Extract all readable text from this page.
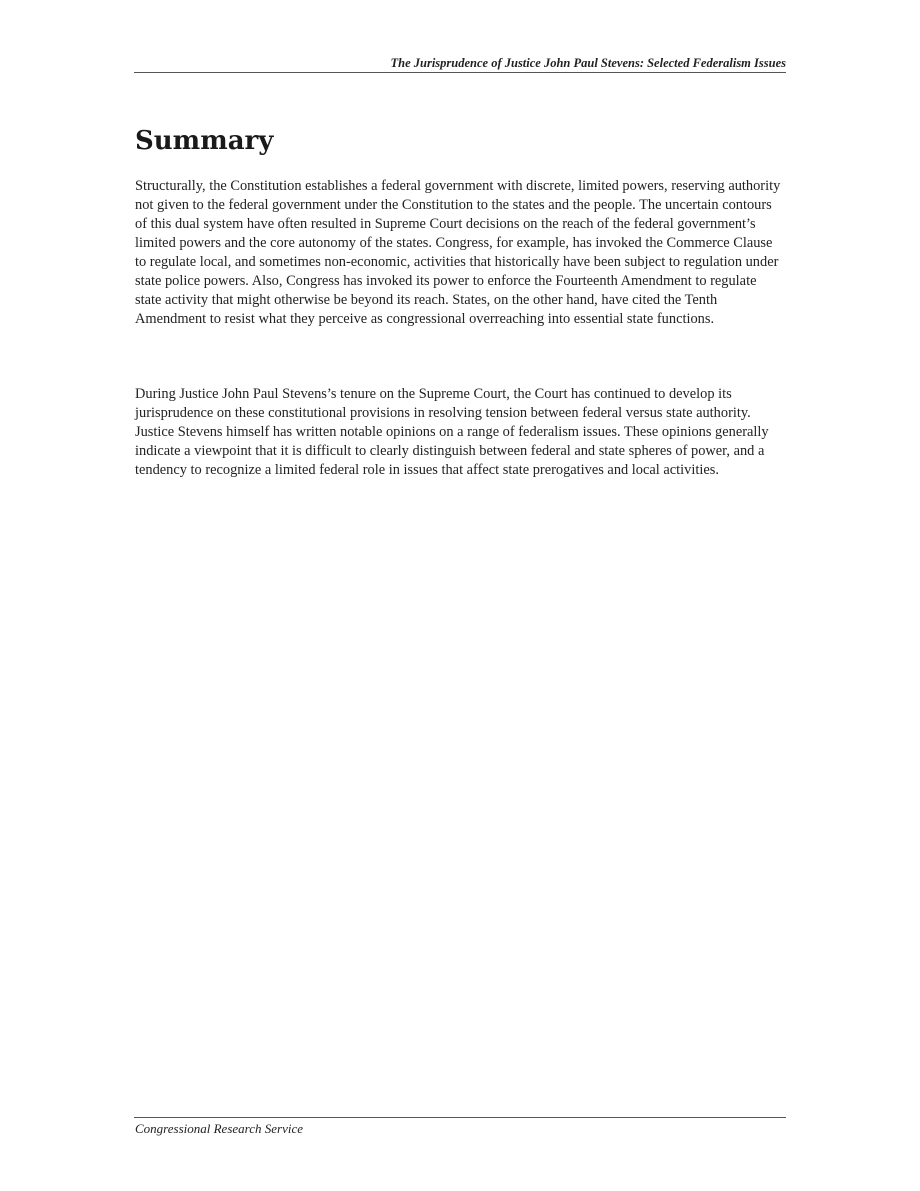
The Jurisprudence of Justice John Paul Stevens: Selected Federalism Issues
Summary

Structurally, the Constitution establishes a federal government with discrete, limited powers, reserving authority not given to the federal government under the Constitution to the states and the people. The uncertain contours of this dual system have often resulted in Supreme Court decisions on the reach of the federal government’s limited powers and the core autonomy of the states. Congress, for example, has invoked the Commerce Clause to regulate local, and sometimes non-economic, activities that historically have been subject to regulation under state police powers. Also, Congress has invoked its power to enforce the Fourteenth Amendment to regulate state activity that might otherwise be beyond its reach. States, on the other hand, have cited the Tenth Amendment to resist what they perceive as congressional overreaching into essential state functions.

During Justice John Paul Stevens’s tenure on the Supreme Court, the Court has continued to develop its jurisprudence on these constitutional provisions in resolving tension between federal versus state authority. Justice Stevens himself has written notable opinions on a range of federalism issues. These opinions generally indicate a viewpoint that it is difficult to clearly distinguish between federal and state spheres of power, and a tendency to recognize a limited federal role in issues that affect state prerogatives and local activities.

Congressional Research Service
